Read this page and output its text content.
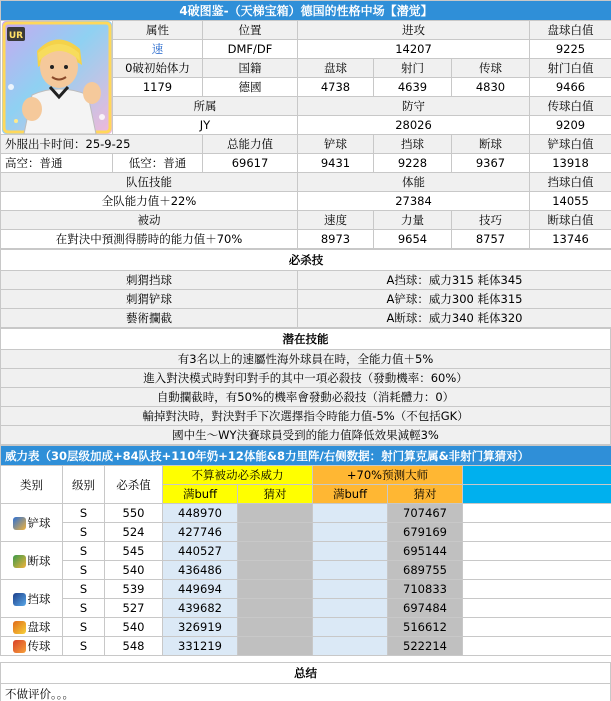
4破图鉴-（天梯宝箱）德国的性格中场【潜觉】						

UR	属性	位置	进攻			盘球白值
	速	DMF/DF	14207			9225
	0破初始体力	国籍	盘球	射门	传球	射门白值
	1179	德國	4738	4639	4830	9466
	所属		防守			传球白值
	JY		28026			9209
外服出卡时间：25-9-25		总能力值	铲球	挡球	断球	铲球白值
高空：普通	低空：普通	69617	9431	9228	9367	13918
队伍技能			体能			挡球白值
全队能力值＋22%			27384			14055
被动			速度	力量	技巧	断球白值
在對決中預測得勝時的能力值＋70%			8973	9654	8757	13746
必杀技	
刺猬挡球	A挡球：威力315 耗体345
刺猬铲球	A铲球：威力300 耗体315
藝術攔截	A断球：威力340 耗体320
潜在技能
有3名以上的速屬性海外球員在時，全能力值＋5%
進入對決模式時對印對手的其中一項必殺技（發動機率：60%）
自動攔截時，有50%的機率會發動必殺技（消耗體力：0）
輸掉對決時，對決對手下次選擇指令時能力值-5%（不包括GK）
國中生～WY決賽球員受到的能力值降低效果減輕3%
威力表（30层级加成+84队技+110年奶+12体能&8力里阵/右侧数据：射门算克属&非射门算猜对）							
类别	级别	必杀值	不算被动必杀威力		+70%预测大师		
			满buff	猜对	满buff	猜对	
铲球	S	550	448970			707467	
	S	524	427746			679169	
断球	S	545	440527			695144	
	S	540	436486			689755	
挡球	S	539	449694			710833	
	S	527	439682			697484	
盘球	S	540	326919			516612	
传球	S	548	331219			522214	

总结
不做评价。。。
